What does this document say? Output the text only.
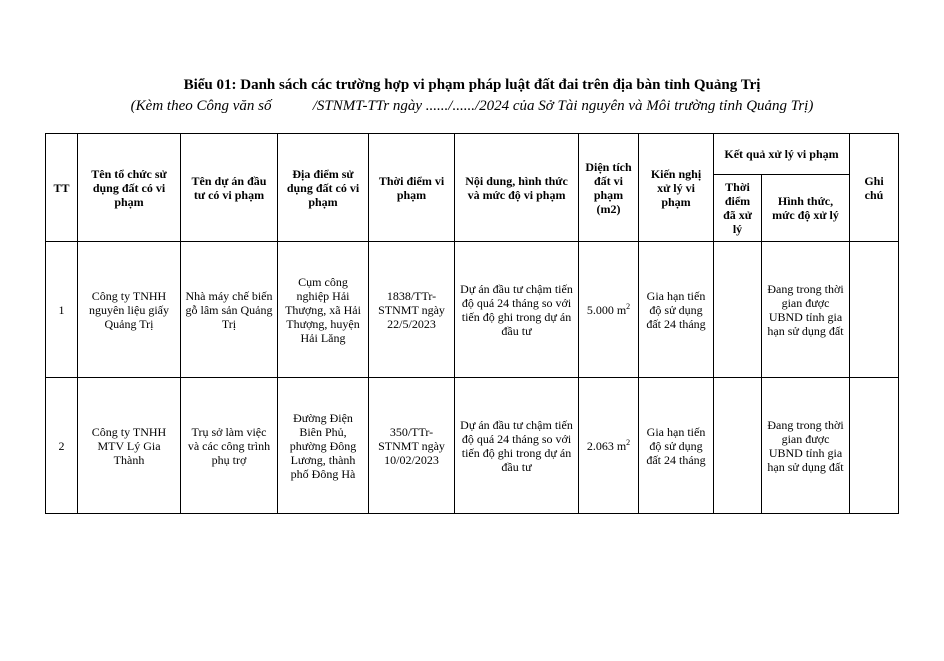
Biểu 01: Danh sách các trường hợp vi phạm pháp luật đất đai trên địa bàn tỉnh Quảng Trị
(Kèm theo Công văn số           /STNMT-TTr ngày ....../....../2024 của Sở Tài nguyên và Môi trường tỉnh Quảng Trị)
TT	Tên tổ chức sử dụng đất có vi phạm	Tên dự án đầu tư có vi phạm	Địa điểm sử dụng đất có vi phạm	Thời điểm vi phạm	Nội dung, hình thức và mức độ vi phạm	Diện tích đất vi phạm (m2)	Kiến nghị xử lý vi phạm	Kết quả xử lý vi phạm		Ghi chú
								Thời điểm đã xử lý	Hình thức, mức độ xử lý	
1	Công ty TNHH nguyên liệu giấy Quảng Trị	Nhà máy chế biến gỗ lâm sản Quảng Trị	Cụm công nghiệp Hải Thượng, xã Hải Thượng, huyện Hải Lăng	1838/TTr-STNMT ngày 22/5/2023	Dự án đầu tư chậm tiến độ quá 24 tháng so với tiến độ ghi trong dự án đầu tư	5.000 $m^2$	Gia hạn tiến độ sử dụng đất 24 tháng		Đang trong thời gian được UBND tỉnh gia hạn sử dụng đất	
2	Công ty TNHH MTV Lý Gia Thành	Trụ sở làm việc và các công trình phụ trợ	Đường Điện Biên Phủ, phường Đông Lương, thành phố Đông Hà	350/TTr-STNMT ngày 10/02/2023	Dự án đầu tư chậm tiến độ quá 24 tháng so với tiến độ ghi trong dự án đầu tư	2.063 $m^2$	Gia hạn tiến độ sử dụng đất 24 tháng		Đang trong thời gian được UBND tỉnh gia hạn sử dụng đất	
